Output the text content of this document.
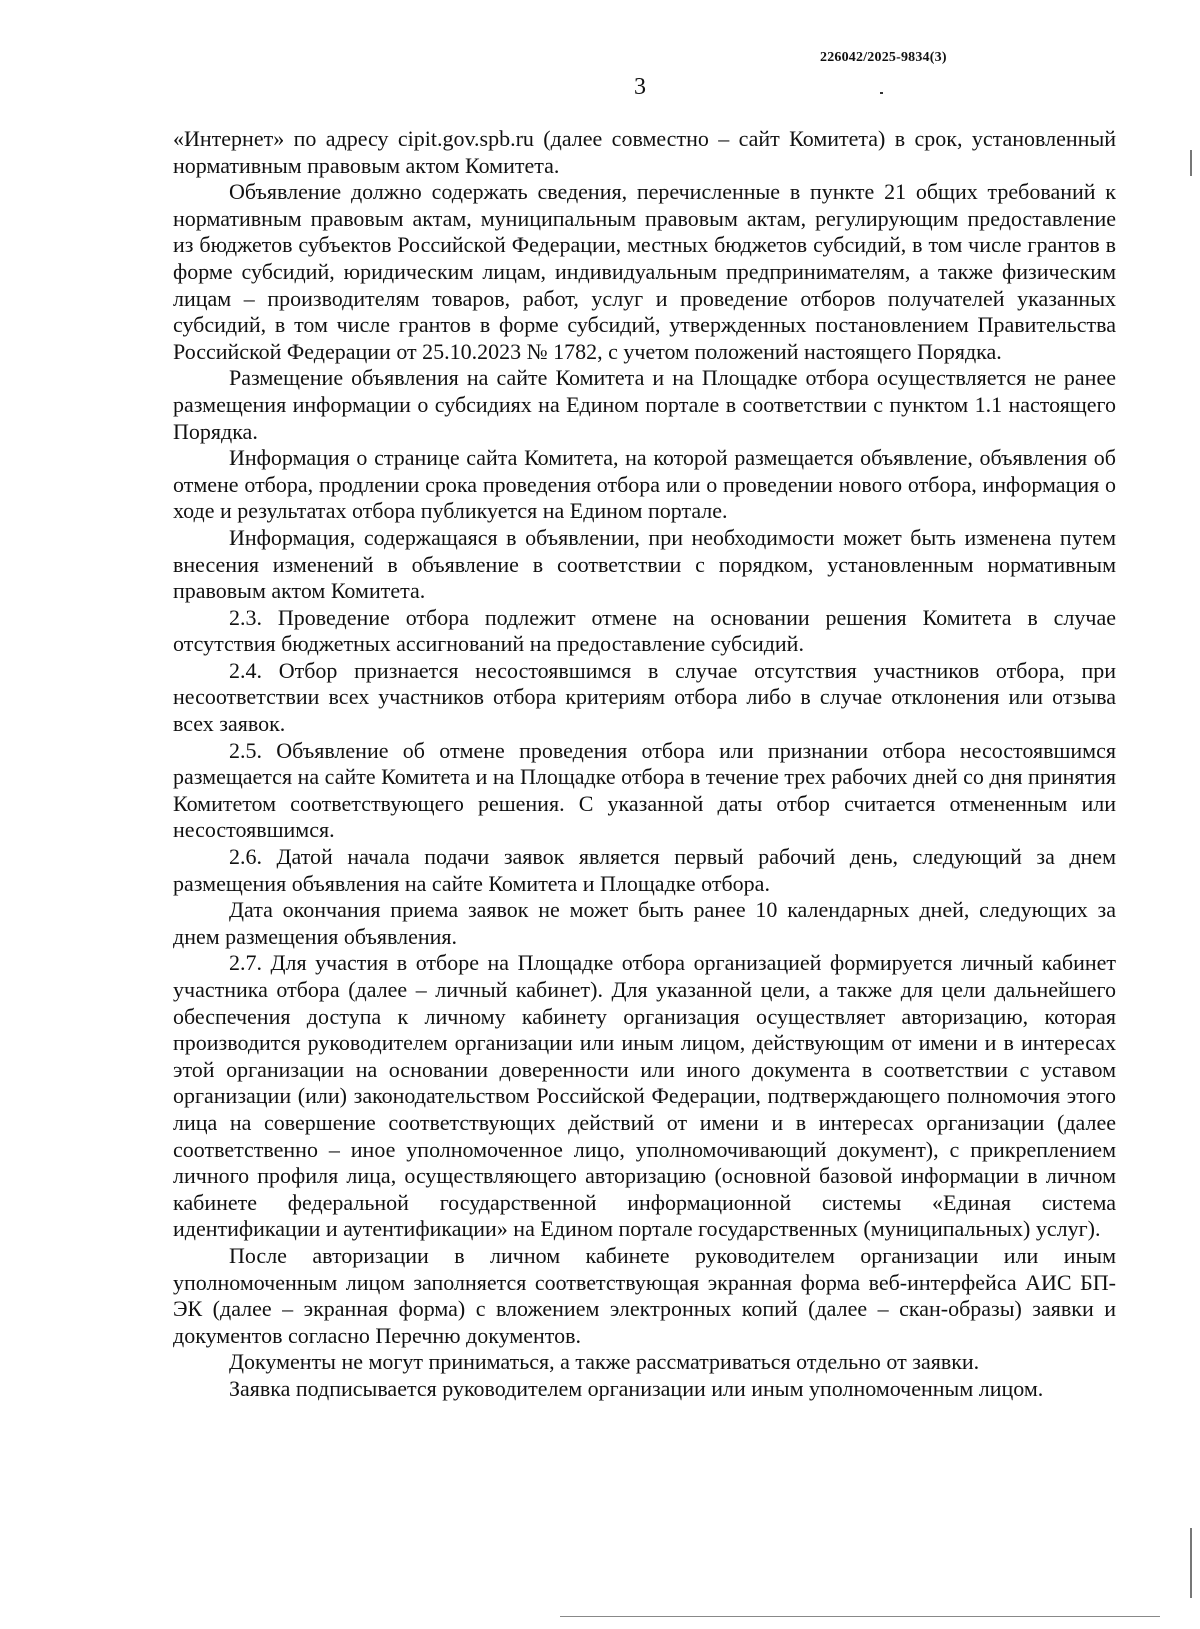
226042/2025-9834(3)
3

«Интернет» по адресу cipit.gov.spb.ru (далее совместно – сайт Комитета) в срок, установленный нормативным правовым актом Комитета.

Объявление должно содержать сведения, перечисленные в пункте 21 общих требований к нормативным правовым актам, муниципальным правовым актам, регулирующим предоставление из бюджетов субъектов Российской Федерации, местных бюджетов субсидий, в том числе грантов в форме субсидий, юридическим лицам, индивидуальным предпринимателям, а также физическим лицам – производителям товаров, работ, услуг и проведение отборов получателей указанных субсидий, в том числе грантов в форме субсидий, утвержденных постановлением Правительства Российской Федерации от 25.10.2023 № 1782, с учетом положений настоящего Порядка.

Размещение объявления на сайте Комитета и на Площадке отбора осуществляется не ранее размещения информации о субсидиях на Едином портале в соответствии с пунктом 1.1 настоящего Порядка.

Информация о странице сайта Комитета, на которой размещается объявление, объявления об отмене отбора, продлении срока проведения отбора или о проведении нового отбора, информация о ходе и результатах отбора публикуется на Едином портале.

Информация, содержащаяся в объявлении, при необходимости может быть изменена путем внесения изменений в объявление в соответствии с порядком, установленным нормативным правовым актом Комитета.

2.3. Проведение отбора подлежит отмене на основании решения Комитета в случае отсутствия бюджетных ассигнований на предоставление субсидий.

2.4. Отбор признается несостоявшимся в случае отсутствия участников отбора, при несоответствии всех участников отбора критериям отбора либо в случае отклонения или отзыва всех заявок.

2.5. Объявление об отмене проведения отбора или признании отбора несостоявшимся размещается на сайте Комитета и на Площадке отбора в течение трех рабочих дней со дня принятия Комитетом соответствующего решения. С указанной даты отбор считается отмененным или несостоявшимся.

2.6. Датой начала подачи заявок является первый рабочий день, следующий за днем размещения объявления на сайте Комитета и Площадке отбора.

Дата окончания приема заявок не может быть ранее 10 календарных дней, следующих за днем размещения объявления.

2.7. Для участия в отборе на Площадке отбора организацией формируется личный кабинет участника отбора (далее – личный кабинет). Для указанной цели, а также для цели дальнейшего обеспечения доступа к личному кабинету организация осуществляет авторизацию, которая производится руководителем организации или иным лицом, действующим от имени и в интересах этой организации на основании доверенности или иного документа в соответствии с уставом организации (или) законодательством Российской Федерации, подтверждающего полномочия этого лица на совершение соответствующих действий от имени и в интересах организации (далее соответственно – иное уполномоченное лицо, уполномочивающий документ), с прикреплением личного профиля лица, осуществляющего авторизацию (основной базовой информации в личном кабинете федеральной государственной информационной системы «Единая система идентификации и аутентификации» на Едином портале государственных (муниципальных) услуг).

После авторизации в личном кабинете руководителем организации или иным уполномоченным лицом заполняется соответствующая экранная форма веб-интерфейса АИС БП-ЭК (далее – экранная форма) с вложением электронных копий (далее – скан-образы) заявки и документов согласно Перечню документов.

Документы не могут приниматься, а также рассматриваться отдельно от заявки.

Заявка подписывается руководителем организации или иным уполномоченным лицом.
